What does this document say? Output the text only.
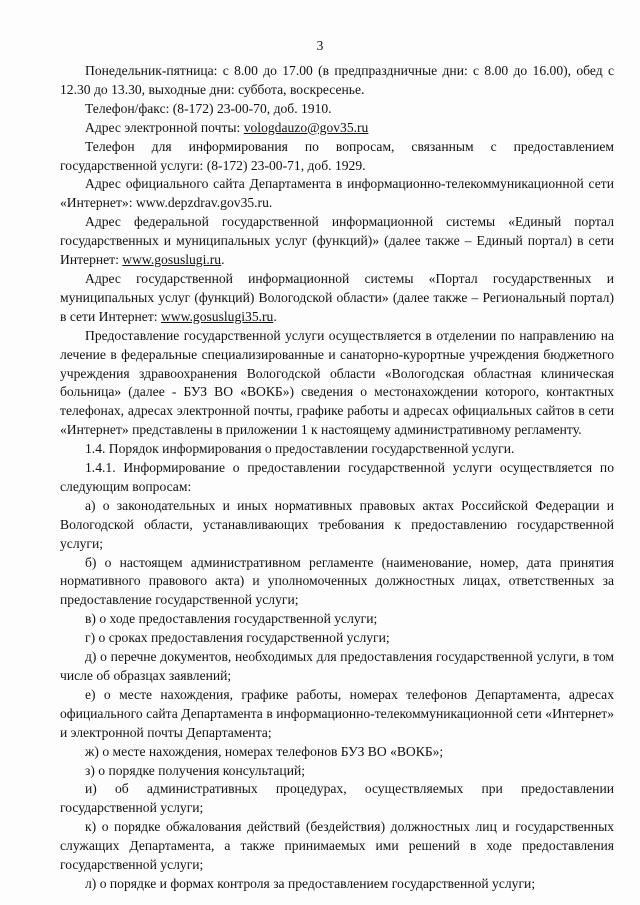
3

Понедельник-пятница: с 8.00 до 17.00 (в предпраздничные дни: с 8.00 до 16.00), обед с 12.30 до 13.30, выходные дни: суббота, воскресенье.

Телефон/факс: (8-172) 23-00-70, доб. 1910.

Адрес электронной почты: vologdauzo@gov35.ru

Телефон для информирования по вопросам, связанным с предоставлением государственной услуги: (8-172) 23-00-71, доб. 1929.

Адрес официального сайта Департамента в информационно-телекоммуникационной сети «Интернет»: www.depzdrav.gov35.ru.

Адрес федеральной государственной информационной системы «Единый портал государственных и муниципальных услуг (функций)» (далее также – Единый портал) в сети Интернет: www.gosuslugi.ru.

Адрес государственной информационной системы «Портал государственных и муниципальных услуг (функций) Вологодской области» (далее также – Региональный портал) в сети Интернет: www.gosuslugi35.ru.

Предоставление государственной услуги осуществляется в отделении по направлению на лечение в федеральные специализированные и санаторно-курортные учреждения бюджетного учреждения здравоохранения Вологодской области «Вологодская областная клиническая больница» (далее - БУЗ ВО «ВОКБ») сведения о местонахождении которого, контактных телефонах, адресах электронной почты, графике работы и адресах официальных сайтов в сети «Интернет» представлены в приложении 1 к настоящему административному регламенту.

1.4. Порядок информирования о предоставлении государственной услуги.

1.4.1. Информирование о предоставлении государственной услуги осуществляется по следующим вопросам:

а) о законодательных и иных нормативных правовых актах Российской Федерации и Вологодской области, устанавливающих требования к предоставлению государственной услуги;

б) о настоящем административном регламенте (наименование, номер, дата принятия нормативного правового акта) и уполномоченных должностных лицах, ответственных за предоставление государственной услуги;

в) о ходе предоставления государственной услуги;

г) о сроках предоставления государственной услуги;

д) о перечне документов, необходимых для предоставления государственной услуги, в том числе об образцах заявлений;

е) о месте нахождения, графике работы, номерах телефонов Департамента, адресах официального сайта Департамента в информационно-телекоммуникационной сети «Интернет» и электронной почты Департамента;

ж) о месте нахождения, номерах телефонов БУЗ ВО «ВОКБ»;

з) о порядке получения консультаций;

и) об административных процедурах, осуществляемых при предоставлении государственной услуги;

к) о порядке обжалования действий (бездействия) должностных лиц и государственных служащих Департамента, а также принимаемых ими решений в ходе предоставления государственной услуги;

л) о порядке и формах контроля за предоставлением государственной услуги;
